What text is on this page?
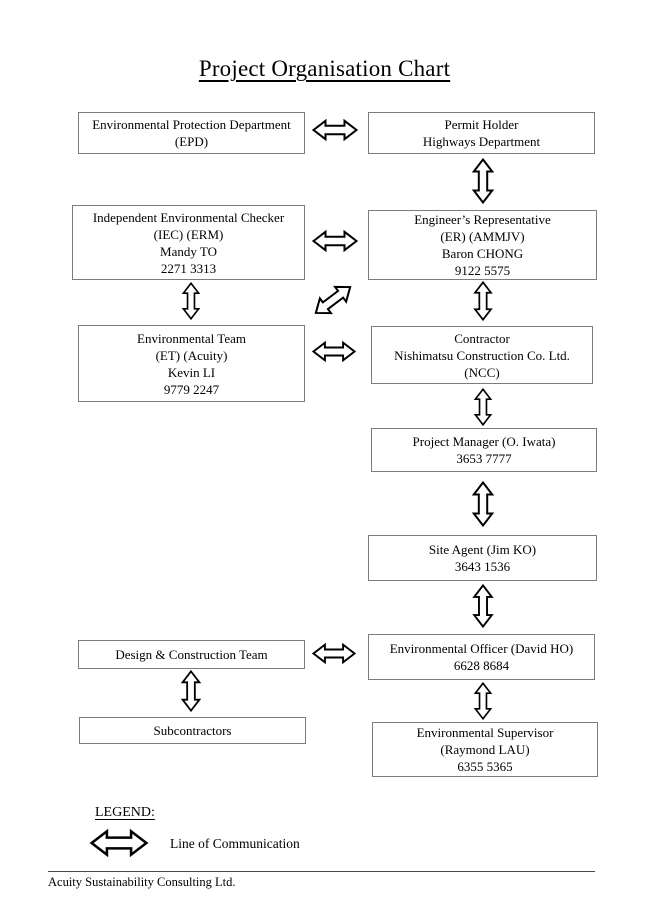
Project Organisation Chart
Environmental Protection Department
(EPD)
Independent Environmental Checker
(IEC) (ERM)
Mandy TO
2271 3313
Environmental Team
(ET) (Acuity)
Kevin LI
9779 2247
Design & Construction Team
Subcontractors
Permit Holder
Highways Department
Engineer’s Representative
(ER) (AMMJV)
Baron CHONG
9122 5575
Contractor
Nishimatsu Construction Co. Ltd.
(NCC)
Project Manager (O. Iwata)
3653 7777
Site Agent (Jim KO)
3643 1536
Environmental Officer (David HO)
6628 8684
Environmental Supervisor
(Raymond LAU)
6355 5365
LEGEND:
Line of Communication
Acuity Sustainability Consulting Ltd.
